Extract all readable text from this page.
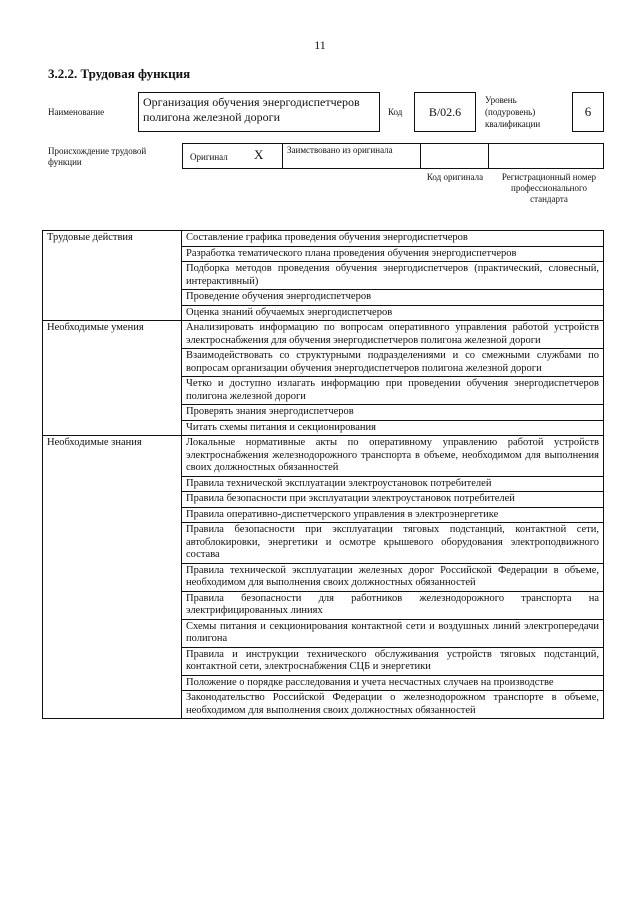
11
3.2.2. Трудовая функция
Наименование
Организация обучения энергодиспетчеров полигона железной дороги	Код	В/02.6
Уровень (подуровень) квалификации
6
Происхождение трудовой функции	Оригинал X	Заимствовано из оригинала
Код оригинала	Регистрационный номер профессионального стандарта
Трудовые действия	Составление графика проведения обучения энергодиспетчеров
	Разработка тематического плана проведения обучения энергодиспетчеров
	Подборка методов проведения обучения энергодиспетчеров (практический, словесный, интерактивный)
	Проведение обучения энергодиспетчеров
	Оценка знаний обучаемых энергодиспетчеров
Необходимые умения	Анализировать информацию по вопросам оперативного управления работой устройств электроснабжения для обучения энергодиспетчеров полигона железной дороги
	Взаимодействовать со структурными подразделениями и со смежными службами по вопросам организации обучения энергодиспетчеров полигона железной дороги
	Четко и доступно излагать информацию при проведении обучения энергодиспетчеров полигона железной дороги
	Проверять знания энергодиспетчеров
	Читать схемы питания и секционирования
Необходимые знания	Локальные нормативные акты по оперативному управлению работой устройств электроснабжения железнодорожного транспорта в объеме, необходимом для выполнения своих должностных обязанностей
	Правила технической эксплуатации электроустановок потребителей
	Правила безопасности при эксплуатации электроустановок потребителей
	Правила оперативно-диспетчерского управления в электроэнергетике
	Правила безопасности при эксплуатации тяговых подстанций, контактной сети, автоблокировки, энергетики и осмотре крышевого оборудования электроподвижного состава
	Правила технической эксплуатации железных дорог Российской Федерации в объеме, необходимом для выполнения своих должностных обязанностей
	Правила безопасности для работников железнодорожного транспорта на электрифицированных линиях
	Схемы питания и секционирования контактной сети и воздушных линий электропередачи полигона
	Правила и инструкции технического обслуживания устройств тяговых подстанций, контактной сети, электроснабжения СЦБ и энергетики
	Положение о порядке расследования и учета несчастных случаев на производстве
	Законодательство Российской Федерации о железнодорожном транспорте в объеме, необходимом для выполнения своих должностных обязанностей
